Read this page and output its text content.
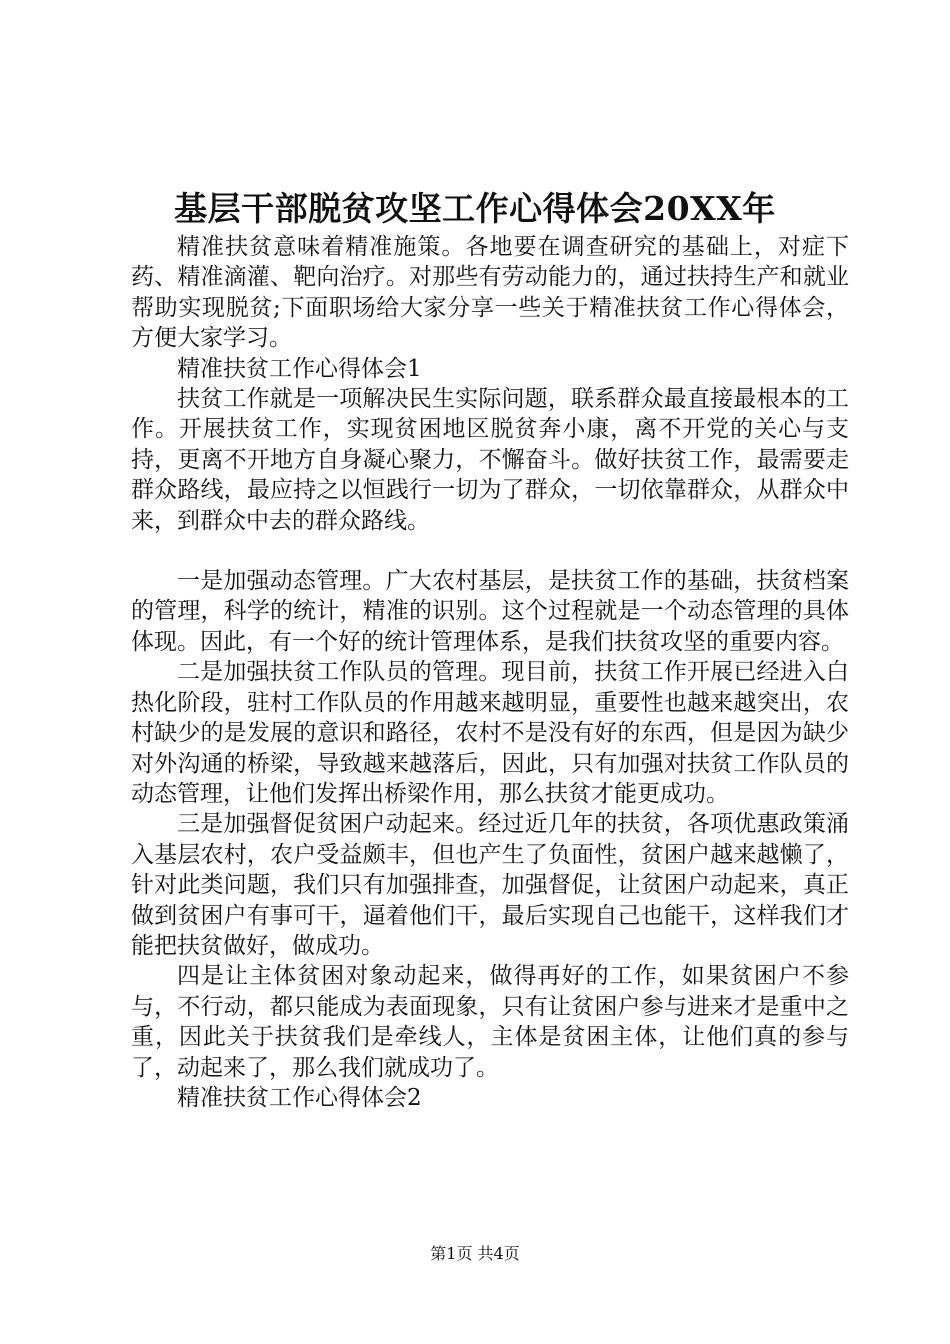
基层干部脱贫攻坚工作心得体会20XX年

精准扶贫意味着精准施策。各地要在调查研究的基础上，对症下药、精准滴灌、靶向治疗。对那些有劳动能力的，通过扶持生产和就业帮助实现脱贫;下面职场给大家分享一些关于精准扶贫工作心得体会，方便大家学习。

精准扶贫工作心得体会1

扶贫工作就是一项解决民生实际问题，联系群众最直接最根本的工作。开展扶贫工作，实现贫困地区脱贫奔小康，离不开党的关心与支持，更离不开地方自身凝心聚力，不懈奋斗。做好扶贫工作，最需要走群众路线，最应持之以恒践行一切为了群众，一切依靠群众，从群众中来，到群众中去的群众路线。

一是加强动态管理。广大农村基层，是扶贫工作的基础，扶贫档案的管理，科学的统计，精准的识别。这个过程就是一个动态管理的具体体现。因此，有一个好的统计管理体系，是我们扶贫攻坚的重要内容。

二是加强扶贫工作队员的管理。现目前，扶贫工作开展已经进入白热化阶段，驻村工作队员的作用越来越明显，重要性也越来越突出，农村缺少的是发展的意识和路径，农村不是没有好的东西，但是因为缺少对外沟通的桥梁，导致越来越落后，因此，只有加强对扶贫工作队员的动态管理，让他们发挥出桥梁作用，那么扶贫才能更成功。

三是加强督促贫困户动起来。经过近几年的扶贫，各项优惠政策涌入基层农村，农户受益颇丰，但也产生了负面性，贫困户越来越懒了，针对此类问题，我们只有加强排查，加强督促，让贫困户动起来，真正做到贫困户有事可干，逼着他们干，最后实现自己也能干，这样我们才能把扶贫做好，做成功。

四是让主体贫困对象动起来，做得再好的工作，如果贫困户不参与，不行动，都只能成为表面现象，只有让贫困户参与进来才是重中之重，因此关于扶贫我们是牵线人，主体是贫困主体，让他们真的参与了，动起来了，那么我们就成功了。

精准扶贫工作心得体会2

第1页 共4页
